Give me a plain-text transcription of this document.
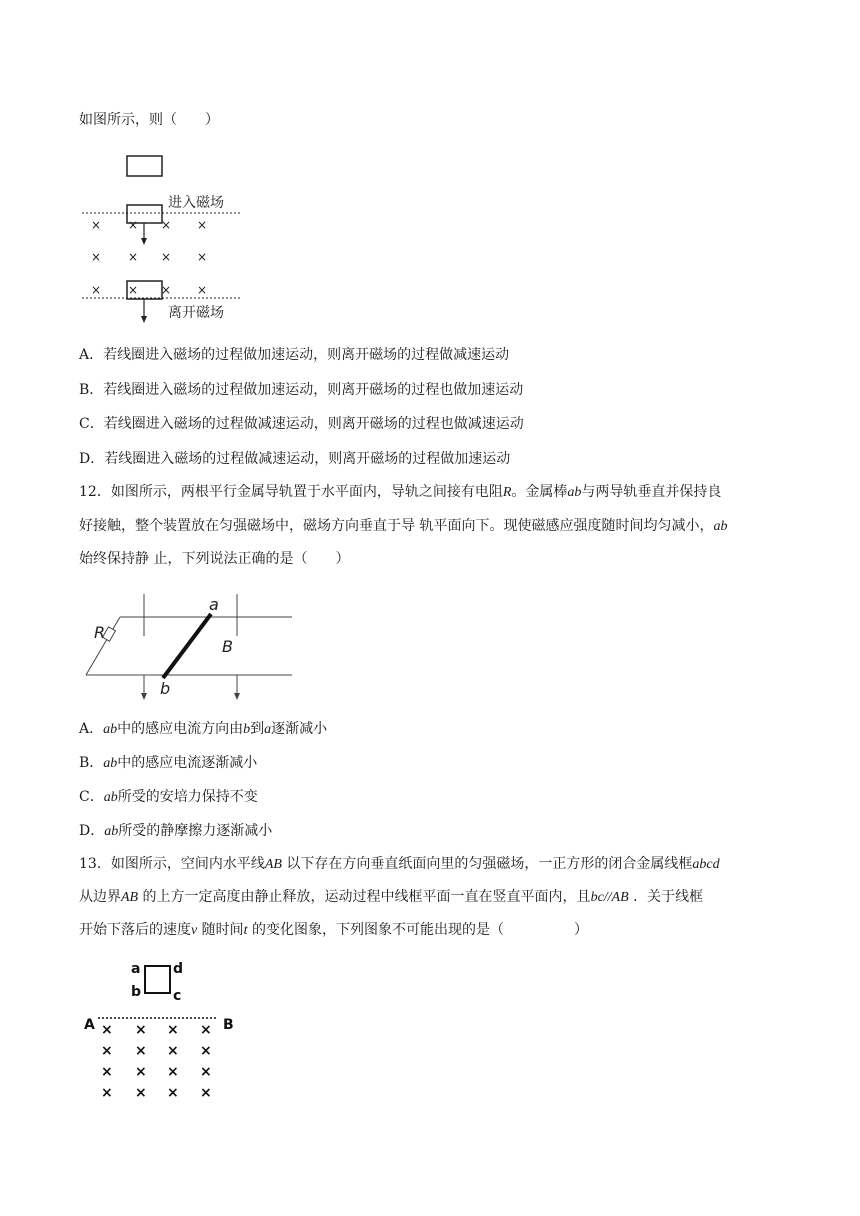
如图所示，则（　　）
进入磁场
× × × ×
× × × ×
× × × ×
离开磁场
A．若线圈进入磁场的过程做加速运动，则离开磁场的过程做减速运动
B．若线圈进入磁场的过程做加速运动，则离开磁场的过程也做加速运动
C．若线圈进入磁场的过程做减速运动，则离开磁场的过程也做减速运动
D．若线圈进入磁场的过程做减速运动，则离开磁场的过程做加速运动
12．如图所示，两根平行金属导轨置于水平面内，导轨之间接有电阻R。金属棒ab与两导轨垂直并保持良
好接触，整个装置放在匀强磁场中，磁场方向垂直于导 轨平面向下。现使磁感应强度随时间均匀减小，ab
始终保持静 止，下列说法正确的是（　　）
R
a
b
B
A．ab中的感应电流方向由b到a逐渐减小
B．ab中的感应电流逐渐减小
C．ab所受的安培力保持不变
D．ab所受的静摩擦力逐渐减小
13．如图所示，空间内水平线AB 以下存在方向垂直纸面向里的匀强磁场，一正方形的闭合金属线框abcd
从边界AB 的上方一定高度由静止释放，运动过程中线框平面一直在竖直平面内，且bc//AB ．关于线框
开始下落后的速度v 随时间t 的变化图象，下列图象不可能出现的是（　　　　　）
a d
b c
A	B
× × × ×
× × × ×
× × × ×
× × × ×
